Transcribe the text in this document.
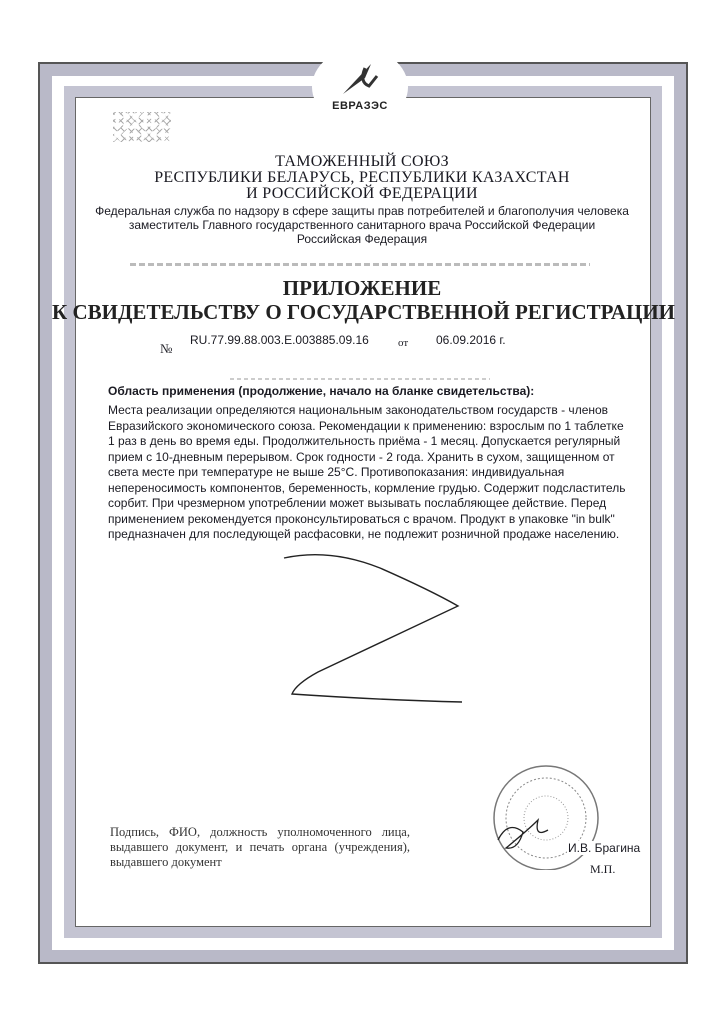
ЕВРАЗЭС
ТАМОЖЕННЫЙ СОЮЗ
РЕСПУБЛИКИ БЕЛАРУСЬ, РЕСПУБЛИКИ КАЗАХСТАН
И РОССИЙСКОЙ ФЕДЕРАЦИИ
Федеральная служба по надзору в сфере защиты прав потребителей и благополучия человека
заместитель Главного государственного санитарного врача Российской Федерации
Российская Федерация
ПРИЛОЖЕНИЕ
К СВИДЕТЕЛЬСТВУ О ГОСУДАРСТВЕННОЙ РЕГИСТРАЦИИ
№
RU.77.99.88.003.E.003885.09.16	от 06.09.2016 г.
Область применения (продолжение, начало на бланке свидетельства):
Места реализации определяются национальным законодательством государств - членов Евразийского экономического союза. Рекомендации к применению: взрослым по 1 таблетке 1 раз в день во время еды. Продолжительность приёма - 1 месяц. Допускается регулярный прием с 10-дневным перерывом. Срок годности - 2 года. Хранить в сухом, защищенном от света месте при температуре не выше 25°С. Противопоказания: индивидуальная непереносимость компонентов, беременность, кормление грудью. Содержит подсластитель сорбит. При чрезмерном употреблении может вызывать послабляющее действие. Перед применением рекомендуется проконсультироваться с врачом. Продукт в упаковке "in bulk" предназначен для последующей расфасовки, не подлежит розничной продаже населению.
Подпись, ФИО, должность уполномоченного лица, выдавшего документ, и печать органа (учреждения), выдавшего документ
И.В. Брагина
М.П.
